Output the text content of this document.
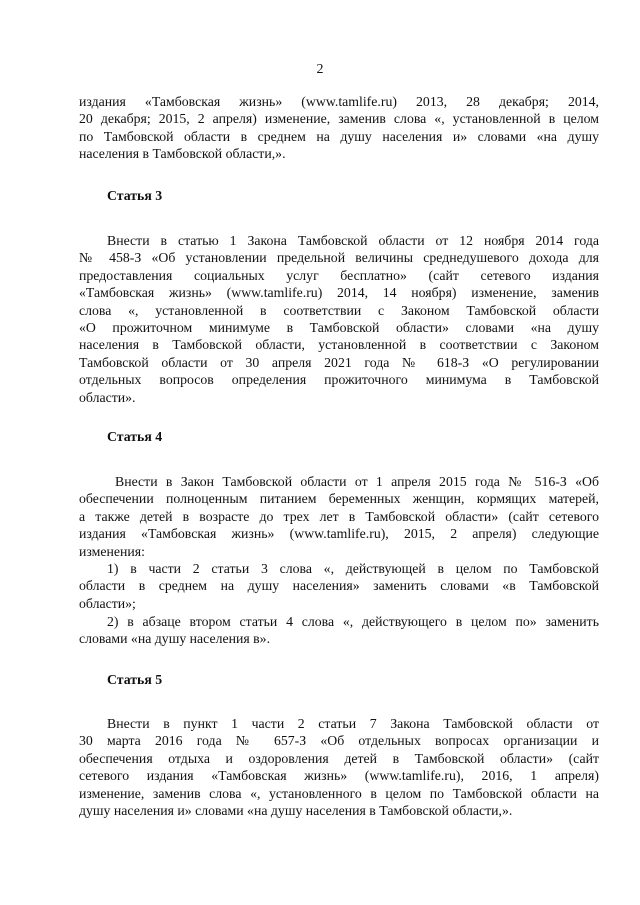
2
издания «Тамбовская жизнь» (www.tamlife.ru) 2013, 28 декабря; 2014,
20 декабря; 2015, 2 апреля) изменение, заменив слова «, установленной в целом
по Тамбовской области в среднем на душу населения и» словами «на душу
населения в Тамбовской области,».
Статья 3
Внести в статью 1 Закона Тамбовской области от 12 ноября 2014 года
№ 458-З «Об установлении предельной величины среднедушевого дохода для
предоставления социальных услуг бесплатно» (сайт сетевого издания
«Тамбовская жизнь» (www.tamlife.ru) 2014, 14 ноября) изменение, заменив
слова «, установленной в соответствии с Законом Тамбовской области
«О прожиточном минимуме в Тамбовской области» словами «на душу
населения в Тамбовской области, установленной в соответствии с Законом
Тамбовской области от 30 апреля 2021 года № 618-З «О регулировании
отдельных вопросов определения прожиточного минимума в Тамбовской
области».
Статья 4
Внести в Закон Тамбовской области от 1 апреля 2015 года № 516-З «Об
обеспечении полноценным питанием беременных женщин, кормящих матерей,
а также детей в возрасте до трех лет в Тамбовской области» (сайт сетевого
издания «Тамбовская жизнь» (www.tamlife.ru), 2015, 2 апреля) следующие
изменения:
1) в части 2 статьи 3 слова «, действующей в целом по Тамбовской
области в среднем на душу населения» заменить словами «в Тамбовской
области»;
2) в абзаце втором статьи 4 слова «, действующего в целом по» заменить
словами «на душу населения в».
Статья 5
Внести в пункт 1 части 2 статьи 7 Закона Тамбовской области от
30 марта 2016 года № 657-З «Об отдельных вопросах организации и
обеспечения отдыха и оздоровления детей в Тамбовской области» (сайт
сетевого издания «Тамбовская жизнь» (www.tamlife.ru), 2016, 1 апреля)
изменение, заменив слова «, установленного в целом по Тамбовской области на
душу населения и» словами «на душу населения в Тамбовской области,».
